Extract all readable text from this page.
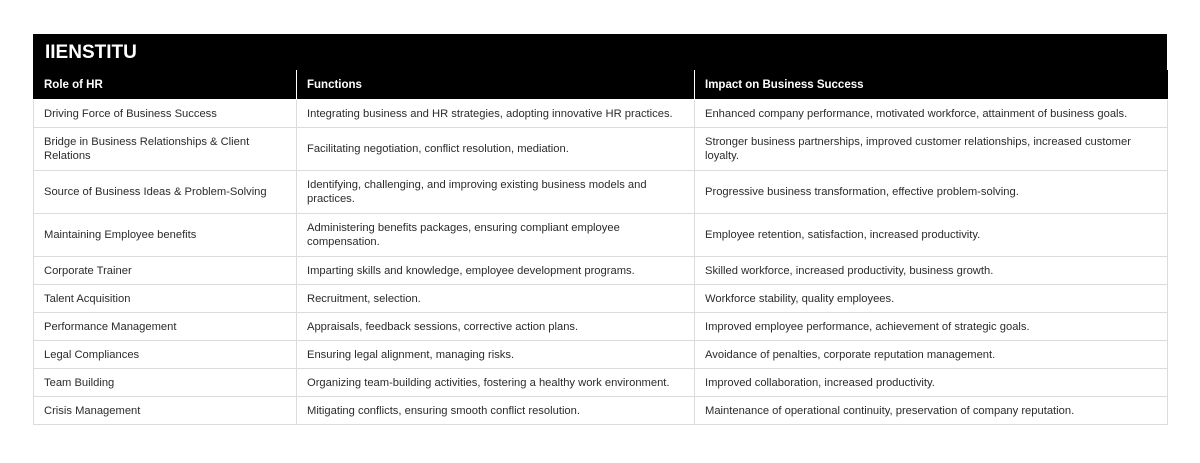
IIENSTITU
Role of HR	Functions	Impact on Business Success
Driving Force of Business Success	Integrating business and HR strategies, adopting innovative HR practices.	Enhanced company performance, motivated workforce, attainment of business goals.
Bridge in Business Relationships & Client Relations	Facilitating negotiation, conflict resolution, mediation.	Stronger business partnerships, improved customer relationships, increased customer loyalty.
Source of Business Ideas & Problem-Solving	Identifying, challenging, and improving existing business models and practices.	Progressive business transformation, effective problem-solving.
Maintaining Employee benefits	Administering benefits packages, ensuring compliant employee compensation.	Employee retention, satisfaction, increased productivity.
Corporate Trainer	Imparting skills and knowledge, employee development programs.	Skilled workforce, increased productivity, business growth.
Talent Acquisition	Recruitment, selection.	Workforce stability, quality employees.
Performance Management	Appraisals, feedback sessions, corrective action plans.	Improved employee performance, achievement of strategic goals.
Legal Compliances	Ensuring legal alignment, managing risks.	Avoidance of penalties, corporate reputation management.
Team Building	Organizing team-building activities, fostering a healthy work environment.	Improved collaboration, increased productivity.
Crisis Management	Mitigating conflicts, ensuring smooth conflict resolution.	Maintenance of operational continuity, preservation of company reputation.
